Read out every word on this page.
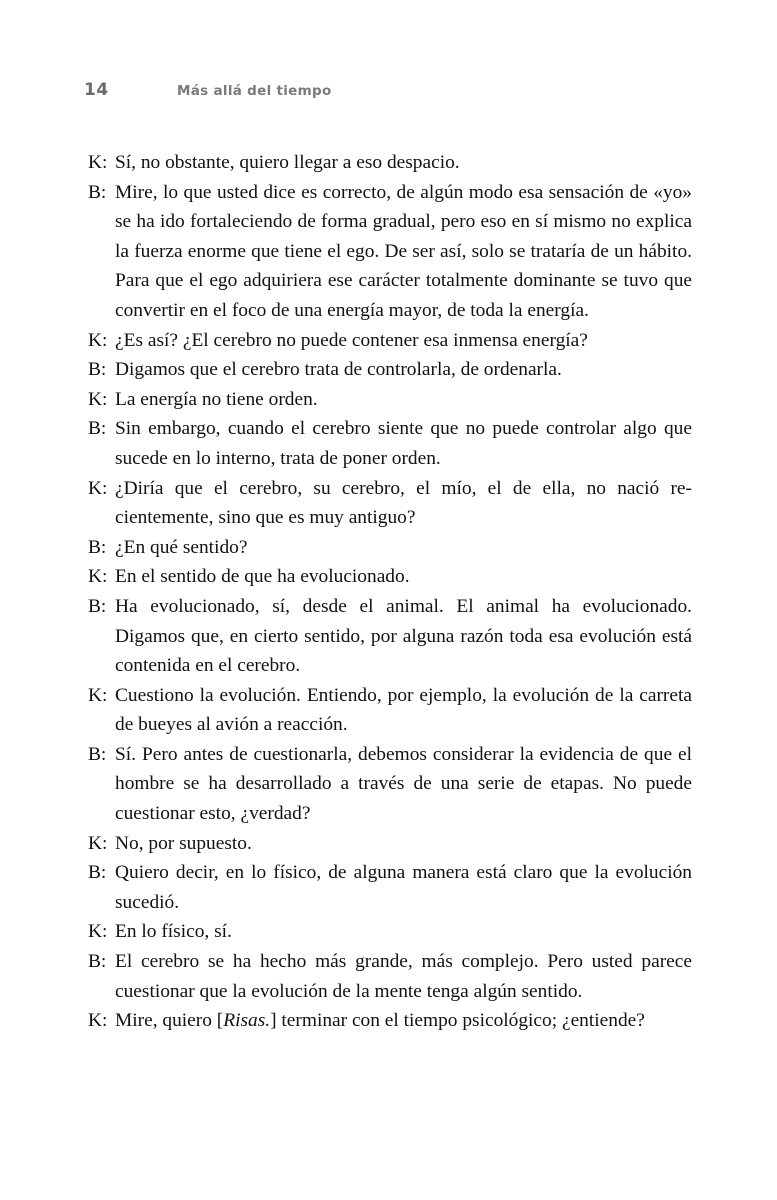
14	Más allá del tiempo

K: Sí, no obstante, quiero llegar a eso despacio.

B: Mire, lo que usted dice es correcto, de algún modo esa sensación de «yo» se ha ido fortaleciendo de forma gradual, pero eso en sí mismo no explica la fuerza enorme que tiene el ego. De ser así, solo se trataría de un hábito. Para que el ego adquiriera ese carácter totalmente dominante se tuvo que convertir en el foco de una energía mayor, de toda la energía.

K: ¿Es así? ¿El cerebro no puede contener esa inmensa energía?

B: Digamos que el cerebro trata de controlarla, de ordenarla.

K: La energía no tiene orden.

B: Sin embargo, cuando el cerebro siente que no puede controlar algo que sucede en lo interno, trata de poner orden.

K: ¿Diría que el cerebro, su cerebro, el mío, el de ella, no nació recientemente, sino que es muy antiguo?

B: ¿En qué sentido?

K: En el sentido de que ha evolucionado.

B: Ha evolucionado, sí, desde el animal. El animal ha evolucionado. Digamos que, en cierto sentido, por alguna razón toda esa evolución está contenida en el cerebro.

K: Cuestiono la evolución. Entiendo, por ejemplo, la evolución de la carreta de bueyes al avión a reacción.

B: Sí. Pero antes de cuestionarla, debemos considerar la evidencia de que el hombre se ha desarrollado a través de una serie de etapas. No puede cuestionar esto, ¿verdad?

K: No, por supuesto.

B: Quiero decir, en lo físico, de alguna manera está claro que la evolución sucedió.

K: En lo físico, sí.

B: El cerebro se ha hecho más grande, más complejo. Pero usted parece cuestionar que la evolución de la mente tenga algún sentido.

K: Mire, quiero [Risas.] terminar con el tiempo psicológico; ¿entiende?
